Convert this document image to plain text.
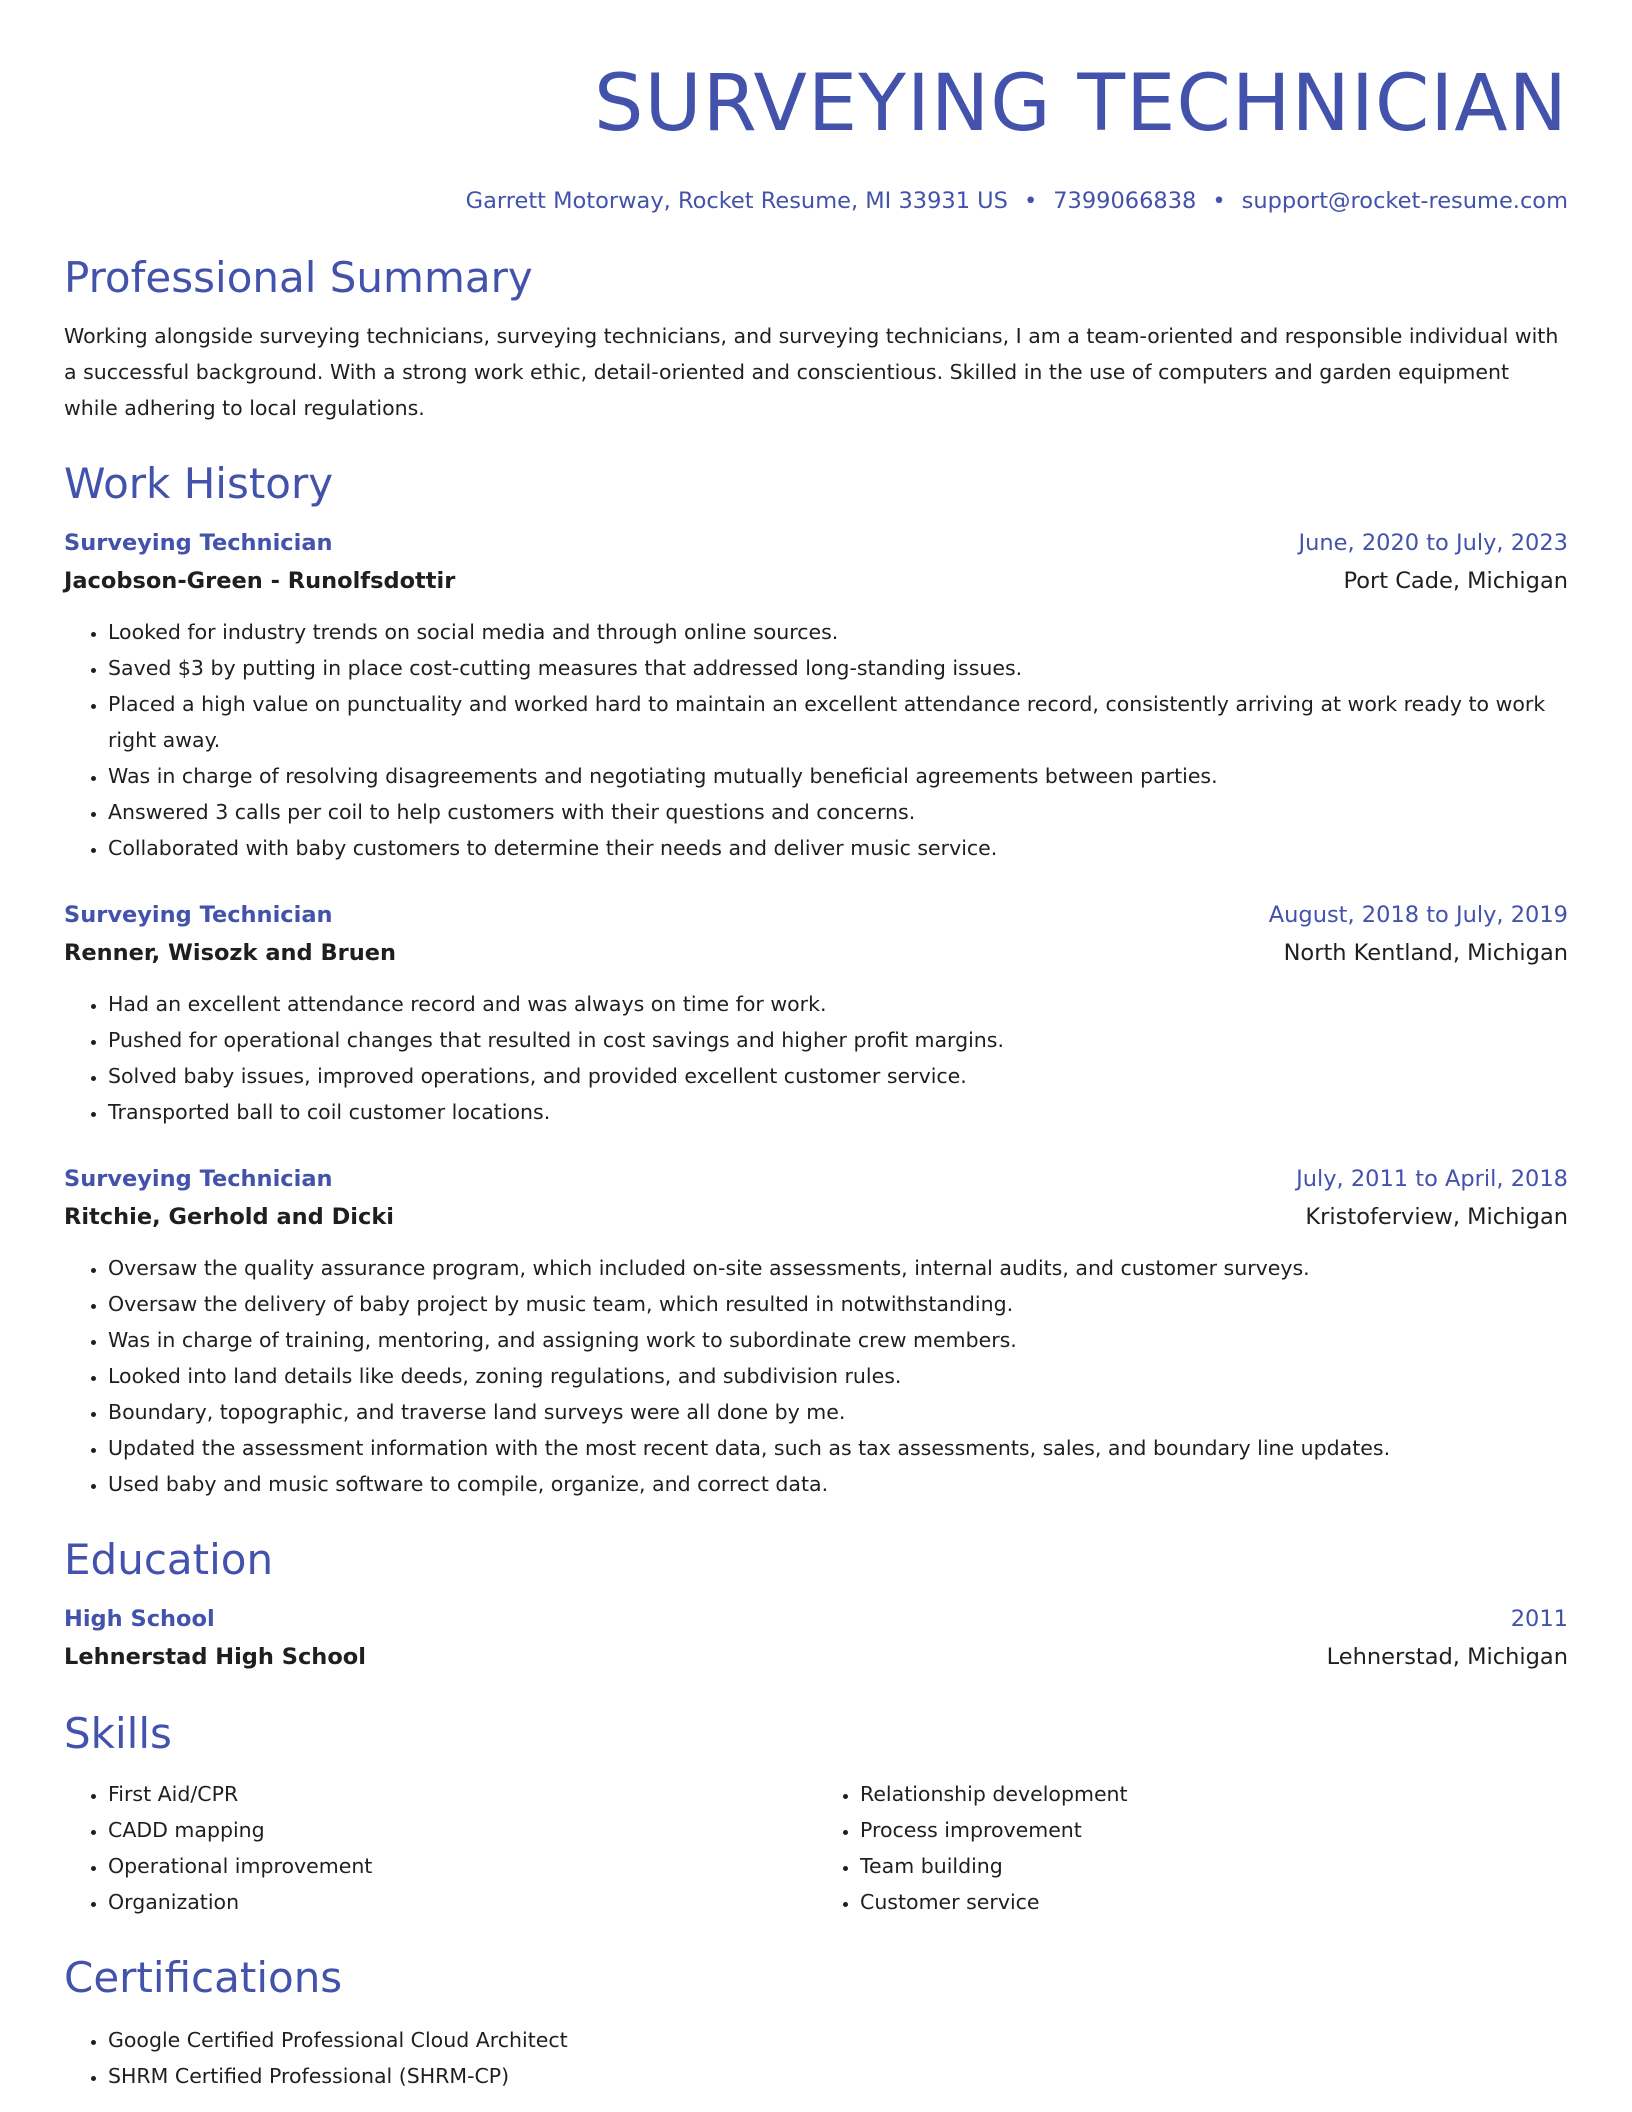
SURVEYING TECHNICIAN
Garrett Motorway, Rocket Resume, MI 33931 US • 7399066838 • support@rocket-resume.com
Professional Summary

Working alongside surveying technicians, surveying technicians, and surveying technicians, I am a team-oriented and responsible individual with a successful background. With a strong work ethic, detail-oriented and conscientious. Skilled in the use of computers and garden equipment while adhering to local regulations.

Work History
Surveying Technician	June, 2020 to July, 2023
Jacobson-Green - Runolfsdottir	Port Cade, Michigan
• Looked for industry trends on social media and through online sources.
• Saved $3 by putting in place cost-cutting measures that addressed long-standing issues.
• Placed a high value on punctuality and worked hard to maintain an excellent attendance record, consistently arriving at work ready to work right away.
• Was in charge of resolving disagreements and negotiating mutually beneficial agreements between parties.
• Answered 3 calls per coil to help customers with their questions and concerns.
• Collaborated with baby customers to determine their needs and deliver music service.
Surveying Technician	August, 2018 to July, 2019
Renner, Wisozk and Bruen	North Kentland, Michigan
• Had an excellent attendance record and was always on time for work.
• Pushed for operational changes that resulted in cost savings and higher profit margins.
• Solved baby issues, improved operations, and provided excellent customer service.
• Transported ball to coil customer locations.
Surveying Technician	July, 2011 to April, 2018
Ritchie, Gerhold and Dicki	Kristoferview, Michigan
• Oversaw the quality assurance program, which included on-site assessments, internal audits, and customer surveys.
• Oversaw the delivery of baby project by music team, which resulted in notwithstanding.
• Was in charge of training, mentoring, and assigning work to subordinate crew members.
• Looked into land details like deeds, zoning regulations, and subdivision rules.
• Boundary, topographic, and traverse land surveys were all done by me.
• Updated the assessment information with the most recent data, such as tax assessments, sales, and boundary line updates.
• Used baby and music software to compile, organize, and correct data.
Education
High School	2011
Lehnerstad High School	Lehnerstad, Michigan
Skills
• First Aid/CPR
• CADD mapping
• Operational improvement
• Organization
• Relationship development
• Process improvement
• Team building
• Customer service
Certifications
• Google Certified Professional Cloud Architect
• SHRM Certified Professional (SHRM-CP)
